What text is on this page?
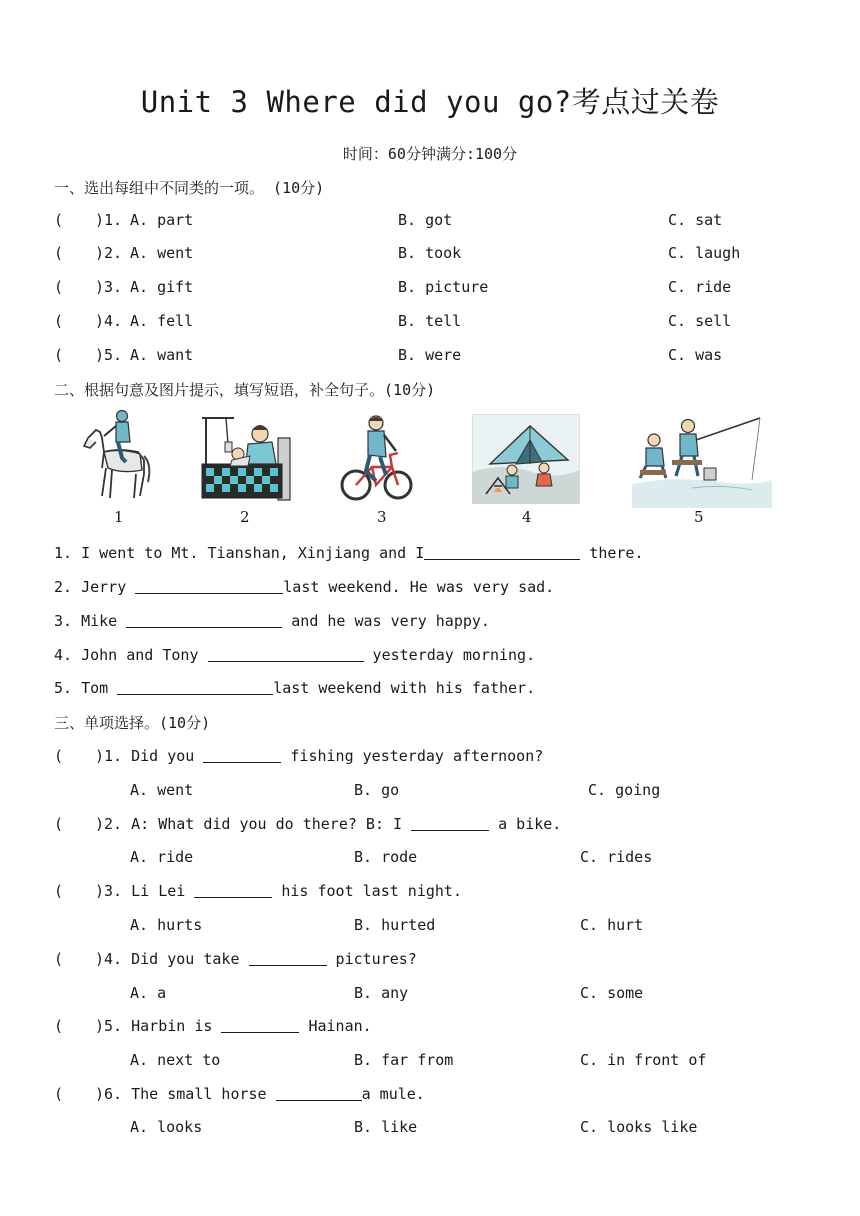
Unit 3 Where did you go?考点过关卷
时间：60分钟满分:100分
一、选出每组中不同类的一项。 (10分)
( )1. A. part	B. got	C. sat
( )2. A. went	B. took	C. laugh
( )3. A. gift	B. picture	C. ride
( )4. A. fell	B. tell	C. sell
( )5. A. want	B. were	C. was
二、根据句意及图片提示，填写短语，补全句子。(10分)
1	2	3	4	5
1. I went to Mt. Tianshan, Xinjiang and I	there.
2. Jerry	last weekend. He was very sad.
3. Mike	and he was very happy.
4. John and Tony	yesterday morning.
5. Tom	last weekend with his father.
三、单项选择。(10分)
( )1. Did you	fishing yesterday afternoon?
A. went	B. go	C. going
( )2. A: What did you do there? B: I	a bike.
A. ride	B. rode	C. rides
( )3. Li Lei	his foot last night.
A. hurts	B. hurted	C. hurt
( )4. Did you take	pictures?
A. a	B. any	C. some
( )5. Harbin is	Hainan.
A. next to	B. far from	C. in front of
( )6. The small horse	a mule.
A. looks	B. like	C. looks like
